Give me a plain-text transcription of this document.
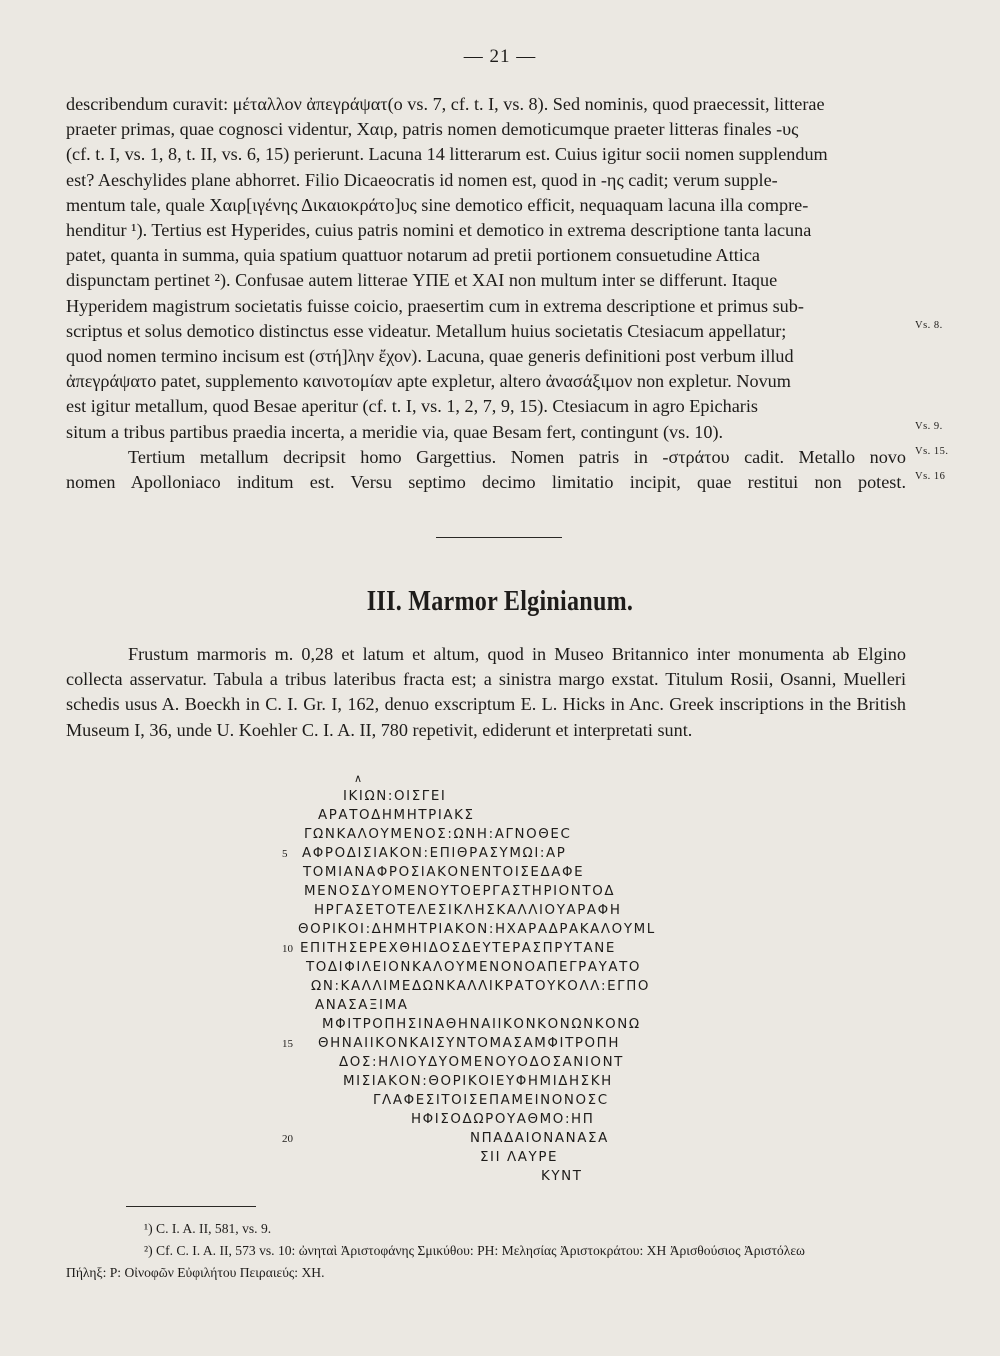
— 21 —

describendum curavit: μέταλλον ἀπεγράψατ(ο vs. 7, cf. t. I, vs. 8). Sed nominis, quod praecessit, litterae
praeter primas, quae cognosci videntur, Χαιρ, patris nomen demoticumque praeter litteras finales -υς
(cf. t. I, vs. 1, 8, t. II, vs. 6, 15) perierunt. Lacuna 14 litterarum est. Cuius igitur socii nomen supplendum
est? Aeschylides plane abhorret. Filio Dicaeocratis id nomen est, quod in -ης cadit; verum supple-
mentum tale, quale Χαιρ[ιγένης Δικαιοκράτο]υς sine demotico efficit, nequaquam lacuna illa compre-
henditur ¹). Tertius est Hyperides, cuius patris nomini et demotico in extrema descriptione tanta lacuna
patet, quanta in summa, quia spatium quattuor notarum ad pretii portionem consuetudine Attica
dispunctam pertinet ²). Confusae autem litterae ΥΠΕ et ΧΑΙ non multum inter se differunt. Itaque
Hyperidem magistrum societatis fuisse coicio, praesertim cum in extrema descriptione et primus sub-
scriptus et solus demotico distinctus esse videatur. Metallum huius societatis Ctesiacum appellatur;
quod nomen termino incisum est (στή]λην ἔχον). Lacuna, quae generis definitioni post verbum illud
ἀπεγράψατο patet, supplemento καινοτομίαν apte expletur, altero ἀνασάξιμον non expletur. Novum
est igitur metallum, quod Besae aperitur (cf. t. I, vs. 1, 2, 7, 9, 15). Ctesiacum in agro Epicharis
situm a tribus partibus praedia incerta, a meridie via, quae Besam fert, contingunt (vs. 10).

Tertium metallum decripsit homo Gargettius. Nomen patris in -στράτου cadit. Metallo novo
nomen Apolloniaco inditum est. Versu septimo decimo limitatio incipit, quae restitui non potest.

Vs. 8.
Vs. 9.
Vs. 15.
Vs. 16
III. Marmor Elginianum.

Frustum marmoris m. 0,28 et latum et altum, quod in Museo Britannico inter monumenta ab Elgino collecta asservatur. Tabula a tribus lateribus fracta est; a sinistra margo exstat. Titulum Rosii, Osanni, Muelleri schedis usus A. Boeckh in C. I. Gr. I, 162, denuo exscriptum E. L. Hicks in Anc. Greek inscriptions in the British Museum I, 36, unde U. Koehler C. I. A. II, 780 repetivit, ediderunt et interpretati sunt.

∧
ΙΚΙΩΝ:ΟΙΣΓΕΙ
ΑΡΑΤΟΔΗΜΗΤΡΙΑΚΣ
ΓΩΝΚΑΛΟΥΜΕΝΟΣ:ΩΝΗ:ΑΓΝΟΘΕC
ΑΦΡΟΔΙΣΙΑΚΟΝ:ΕΠΙΘΡΑΣΥΜΩΙ:ΑΡ
ΤΟΜΙΑΝΑΦΡΟΣΙΑΚΟΝΕΝΤΟΙΣΕΔΑΦΕ
ΜΕΝΟΣΔΥΟΜΕΝΟΥΤΟΕΡΓΑΣΤΗΡΙΟΝΤΟΔ
ΗΡΓΑΣΕΤΟΤΕΛΕΣΙΚΛΗΣΚΑΛΛΙΟΥΑΡΑΦΗ
ΘΟΡΙΚΟΙ:ΔΗΜΗΤΡΙΑΚΟΝ:ΗΧΑΡΑΔΡΑΚΑΛΟΥΜL
ΕΠΙΤΗΣΕΡΕΧΘΗΙΔΟΣΔΕΥΤΕΡΑΣΠΡΥΤΑΝΕ
ΤΟΔΙΦΙΛΕΙΟΝΚΑΛΟΥΜΕΝΟΝΟΑΠΕΓΡΑΥΑΤΟ
ΩΝ:ΚΑΛΛΙΜΕΔΩΝΚΑΛΛΙΚΡΑΤΟΥΚΟΛΛ:ΕΓΠΟ
ΑΝΑΣΑΞΙΜΑ
ΜΦΙΤΡΟΠΗΣΙΝΑΘΗΝΑΙΙΚΟΝΚΟΝΩΝΚΟΝΩ
ΘΗΝΑΙΙΚΟΝΚΑΙΣΥΝΤΟΜΑΣΑΜΦΙΤΡΟΠΗ
ΔΟΣ:ΗΛΙΟΥΔΥΟΜΕΝΟΥΟΔΟΣΑΝΙΟΝΤ
ΜΙΣΙΑΚΟΝ:ΘΟΡΙΚΟΙΕΥΦΗΜΙΔΗΣΚΗ
ΓΛΑΦΕΣΙΤΟΙΣΕΠΑΜΕΙΝΟΝΟΣC
ΗΦΙΣΟΔΩΡΟΥΑΘΜΟ:ΗΠ
ΝΠΑΔΑΙΟΝΑΝΑΣΑ
ΣΙΙ ΛΑΥΡΕ
ΚΥΝΤ
5
10
15
20
¹) C. I. A. II, 581, vs. 9.
²) Cf. C. I. A. II, 573 vs. 10: ὠνηταὶ Ἀριστοφάνης Σμικύθου: ΡΗ: Μελησίας Ἀριστοκράτου: ΧΗ Ἀρισθούσιος Ἀριστόλεω
Πήληξ: Ρ: Οἰνοφῶν Εὐφιλήτου Πειραιεύς: ΧΗ.
